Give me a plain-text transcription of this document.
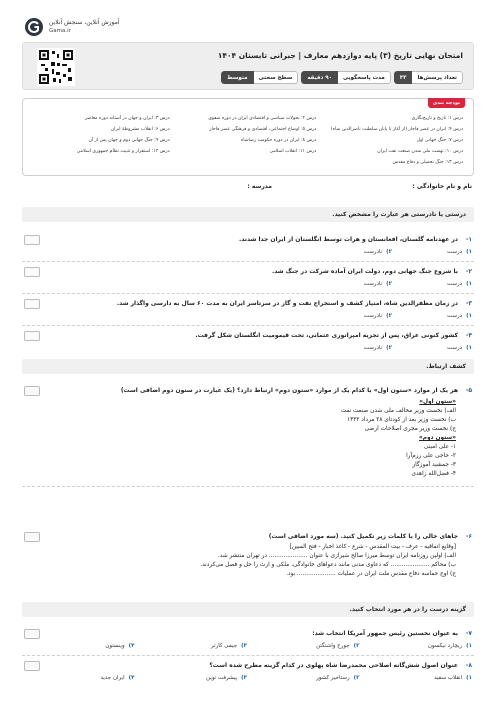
آموزش آنلاین، سنجش آنلاین
Gama.ir
امتحان نهایی تاریخ (۳) پایه دوازدهم معارف | جبرانی تابستان ۱۴۰۴
تعداد پرسش‌ها
۳۳
مدت پاسخگویی
۹۰ دقیقه
سطح سختی
متوسط
بودجه بندی
درس ۱: تاریخ و تاریخ‌نگاری
درس ۲: تحولات سیاسی و اقتصادی ایران در دوره صفوی
درس ۳: ایران و جهان در آستانه دوره معاصر
درس ۴: ایران در عصر قاجار (از آغاز تا پایان سلطنت ناصرالدین شاه)
درس ۵: اوضاع اجتماعی، اقتصادی و فرهنگی عصر قاجار
درس ۶: انقلاب مشروطهٔ ایران
درس ۷: جنگ جهانی اول
درس ۸: ایران در دوره حکومت رضاشاه
درس ۹: جنگ جهانی دوم و جهان پس از آن
درس ۱۰: نهضت ملی شدن صنعت نفت ایران
درس ۱۱: انقلاب اسلامی
درس ۱۲: استقرار و تثبیت نظام جمهوری اسلامی
درس ۱۳: جنگ تحمیلی و دفاع مقدس
نام و نام خانوادگی :
مدرسه :
درستی یا نادرستی هر عبارت را مشخص کنید.
۱-
در عهدنامه گلستان، افغانستان و هرات توسط انگلستان از ایران جدا شدند.
۱)
درست
۲)
نادرست
۲-
با شروع جنگ جهانی دوم، دولت ایران آماده شرکت در جنگ شد.
۱)
درست
۲)
نادرست
۳-
در زمان مظفرالدین شاه، امتیاز کشف و استخراج نفت و گاز در سرتاسر ایران به مدت ۶۰ سال به دارسی واگذار شد.
۱)
درست
۲)
نادرست
۴-
کشور کنونی عراق، پس از تجزیه امپراتوری عثمانی، تحت قیمومیت انگلستان شکل گرفت.
۱)
درست
۲)
نادرست
کشف ارتباط.
۵-
هر یک از موارد «ستون اول» با کدام یک از موارد «ستون دوم» ارتباط دارد؟ (یک عبارت در ستون دوم اضافی است)
«ستون اول»
الف) نخست وزیر مخالف ملی شدن صنعت نفت
ب) نخست وزیر بعد از کودتای ۲۸ مرداد ۱۳۳۲
ج) نخست وزیر مجری اصلاحات ارضی
«ستون دوم»
۱- علی امینی
۲- حاجی علی رزم‌آرا
۳- جمشید آموزگار
۴- فضل‌الله زاهدی
۶-
جاهای خالی را با کلمات زیر تکمیل کنید. (سه مورد اضافی است)
[وقایع اتفاقیه - عرف - بیت المقدس - شرع - کاغذ اخبار - فتح المبین]
الف) اولین روزنامه ایران توسط میرزا صالح شیرازی با عنوان ..................... در تهران منتشر شد.
ب) محاکم ..................... که دعاوی مدنی مانند دعواهای خانوادگی، ملکی و ارث را حل و فصل می‌کردند.
ج) اوج حماسه دفاع مقدس ملت ایران در عملیات ..................... بود.
گزینه درست را در هر مورد انتخاب کنید.
۷-
به عنوان نخستین رئیس جمهور آمریکا انتخاب شد:
۱)
ریچارد نیکسون
۲)
جورج واشنگتن
۳)
جیمی کارتر
۴)
وینستون
۸-
عنوان اصول شش‌گانه اصلاحی محمدرضا شاه پهلوی در کدام گزینه مطرح شده است؟
۱)
انقلاب سفید
۲)
رستاخیز کشور
۳)
پیشرفت نوین
۴)
ایران جدید
